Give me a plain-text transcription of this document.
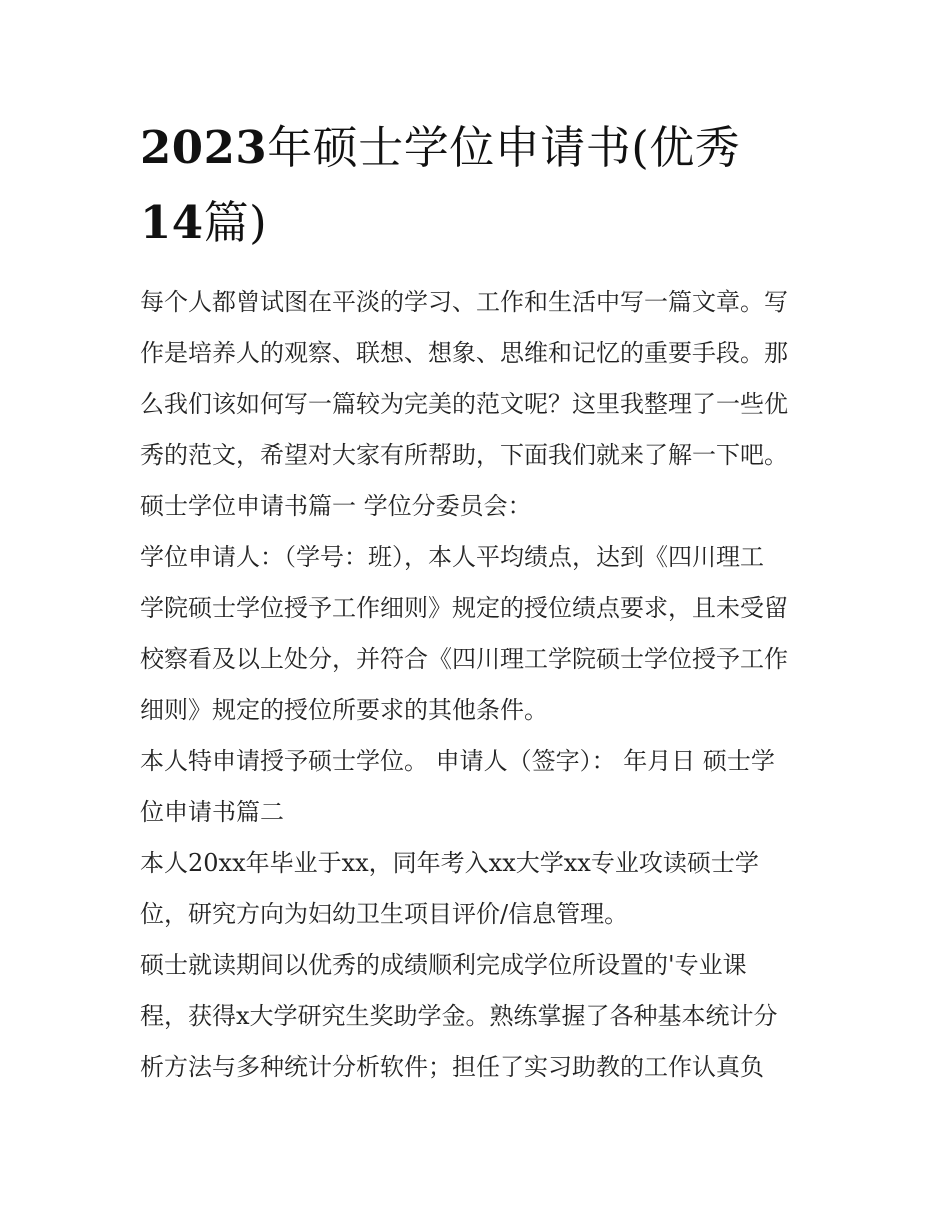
2023年硕士学位申请书(优秀
14篇)
每个人都曾试图在平淡的学习、工作和生活中写一篇文章。写
作是培养人的观察、联想、想象、思维和记忆的重要手段。那
么我们该如何写一篇较为完美的范文呢？这里我整理了一些优
秀的范文，希望对大家有所帮助，下面我们就来了解一下吧。
硕士学位申请书篇一 学位分委员会：
学位申请人：（学号：班），本人平均绩点，达到《四川理工
学院硕士学位授予工作细则》规定的授位绩点要求，且未受留
校察看及以上处分，并符合《四川理工学院硕士学位授予工作
细则》规定的授位所要求的其他条件。
本人特申请授予硕士学位。 申请人（签字）： 年月日 硕士学
位申请书篇二
本人20xx年毕业于xx，同年考入xx大学xx专业攻读硕士学
位，研究方向为妇幼卫生项目评价/信息管理。
硕士就读期间以优秀的成绩顺利完成学位所设置的'专业课
程，获得x大学研究生奖助学金。熟练掌握了各种基本统计分
析方法与多种统计分析软件；担任了实习助教的工作认真负
